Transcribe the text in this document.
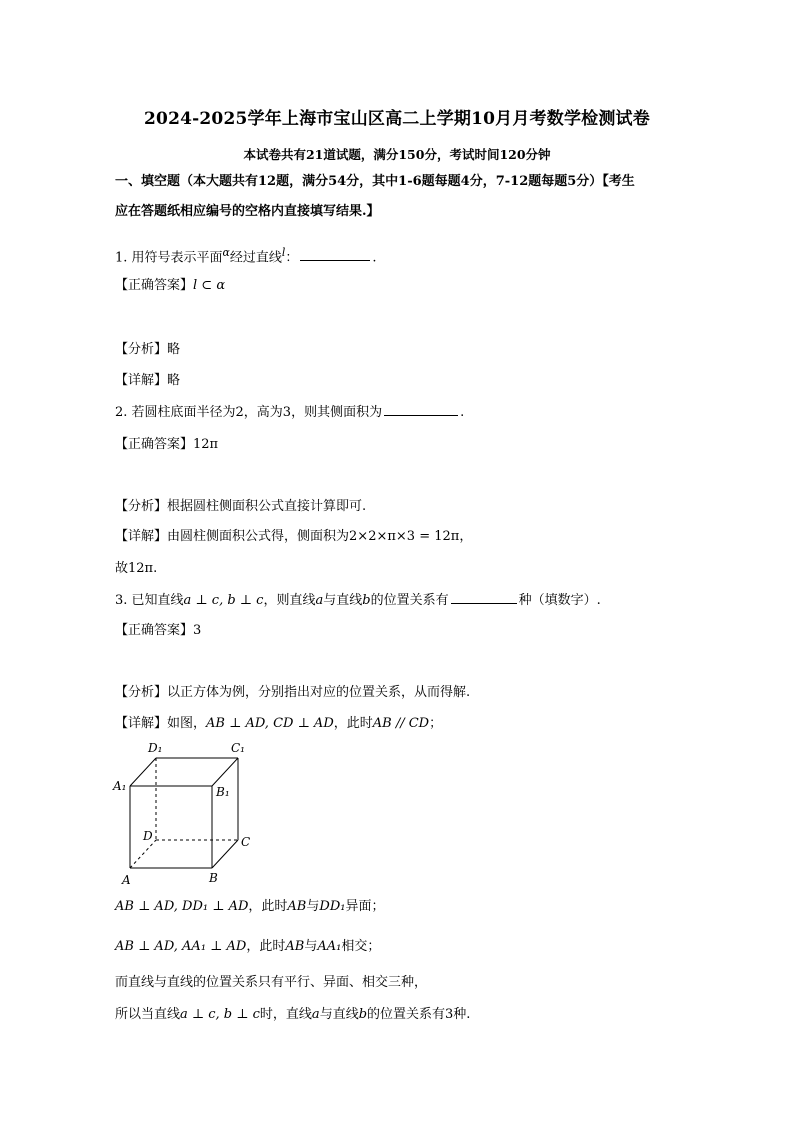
2024-2025学年上海市宝山区高二上学期10月月考数学检测试卷
本试卷共有21道试题，满分150分，考试时间120分钟
一、填空题（本大题共有12题，满分54分，其中1-6题每题4分，7-12题每题5分）【考生
应在答题纸相应编号的空格内直接填写结果.】
1. 用符号表示平面$^\alpha$经过直线$^l$：	.
【正确答案】l ⊂ α
【分析】略
【详解】略
2. 若圆柱底面半径为2，高为3，则其侧面积为	.
【正确答案】12π
【分析】根据圆柱侧面积公式直接计算即可.
【详解】由圆柱侧面积公式得，侧面积为2×2×π×3 = 12π，
故12π.
3. 已知直线a ⊥ c, b ⊥ c，则直线a与直线b的位置关系有	种（填数字）.
【正确答案】3
【分析】以正方体为例，分别指出对应的位置关系，从而得解.
【详解】如图，AB ⊥ AD, CD ⊥ AD，此时AB // CD；
D₁	C₁
A₁	B₁
D	C
A	B
AB ⊥ AD, DD₁ ⊥ AD，此时AB与DD₁异面；
AB ⊥ AD, AA₁ ⊥ AD，此时AB与AA₁相交；
而直线与直线的位置关系只有平行、异面、相交三种，
所以当直线a ⊥ c, b ⊥ c时，直线a与直线b的位置关系有3种.
